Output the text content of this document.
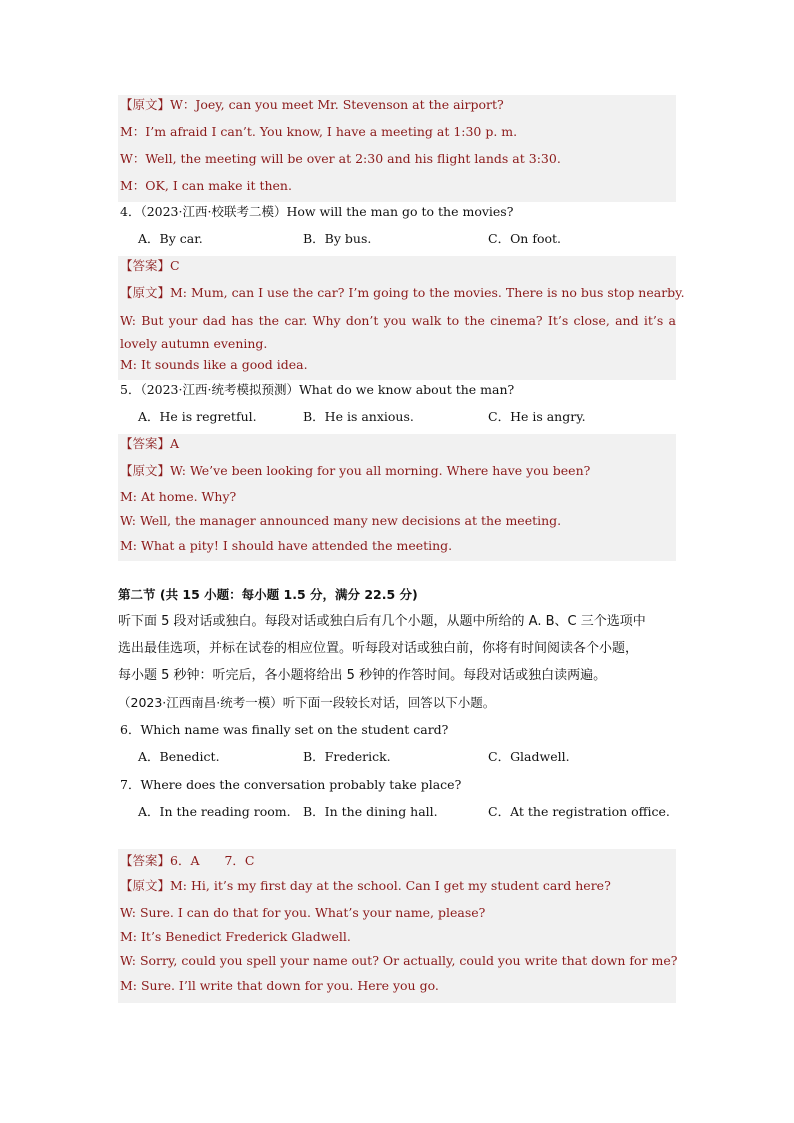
【原文】W：Joey, can you meet Mr. Stevenson at the airport?
M：I’m afraid I can’t. You know, I have a meeting at 1:30 p. m.
W：Well, the meeting will be over at 2:30 and his flight lands at 3:30.
M：OK, I can make it then.
4．（2023·江西·校联考二模）How will the man go to the movies?
A．By car.	B．By bus.	C．On foot.
【答案】C
【原文】M: Mum, can I use the car? I’m going to the movies. There is no bus stop nearby.
W: But your dad has the car. Why don’t you walk to the cinema? It’s close, and it’s a lovely autumn evening.
M: It sounds like a good idea.
5．（2023·江西·统考模拟预测）What do we know about the man?
A．He is regretful.	B．He is anxious.	C．He is angry.
【答案】A
【原文】W: We’ve been looking for you all morning. Where have you been?
M: At home. Why?
W: Well, the manager announced many new decisions at the meeting.
M: What a pity! I should have attended the meeting.
第二节 (共 15 小题：每小题 1.5 分，满分 22.5 分)
听下面 5 段对话或独白。每段对话或独白后有几个小题，从题中所给的 A. B、C 三个选项中
选出最佳选项，并标在试卷的相应位置。听每段对话或独白前，你将有时间阅读各个小题，
每小题 5 秒钟：听完后，各小题将给出 5 秒钟的作答时间。每段对话或独白读两遍。
（2023·江西南昌·统考一模）听下面一段较长对话，回答以下小题。
6．Which name was finally set on the student card?
A．Benedict.	B．Frederick.	C．Gladwell.
7．Where does the conversation probably take place?
A．In the reading room. B．In the dining hall.	C．At the registration office.
【答案】6．A　　7．C
【原文】M: Hi, it’s my first day at the school. Can I get my student card here?
W: Sure. I can do that for you. What’s your name, please?
M: It’s Benedict Frederick Gladwell.
W: Sorry, could you spell your name out? Or actually, could you write that down for me?
M: Sure. I’ll write that down for you. Here you go.
